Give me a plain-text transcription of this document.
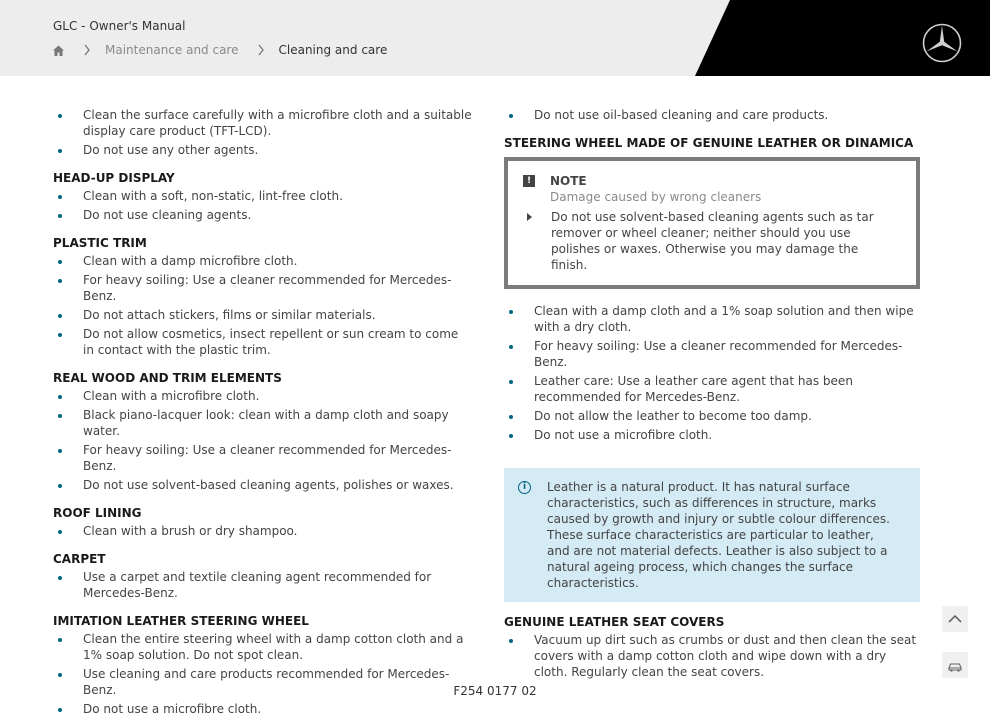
GLC - Owner's Manual
Maintenance and care	Cleaning and care
Clean the surface carefully with a microfibre cloth and a suitable display care product (TFT-LCD).
Do not use any other agents.
HEAD-UP DISPLAY
Clean with a soft, non-static, lint-free cloth.
Do not use cleaning agents.
PLASTIC TRIM
Clean with a damp microfibre cloth.
For heavy soiling: Use a cleaner recommended for Mercedes-Benz.
Do not attach stickers, films or similar materials.
Do not allow cosmetics, insect repellent or sun cream to come in contact with the plastic trim.
REAL WOOD AND TRIM ELEMENTS
Clean with a microfibre cloth.
Black piano-lacquer look: clean with a damp cloth and soapy water.
For heavy soiling: Use a cleaner recommended for Mercedes-Benz.
Do not use solvent-based cleaning agents, polishes or waxes.
ROOF LINING
Clean with a brush or dry shampoo.
CARPET
Use a carpet and textile cleaning agent recommended for Mercedes-Benz.
IMITATION LEATHER STEERING WHEEL
Clean the entire steering wheel with a damp cotton cloth and a 1% soap solution. Do not spot clean.
Use cleaning and care products recommended for Mercedes-Benz.
Do not use a microfibre cloth.
Do not use oil-based cleaning and care products.
STEERING WHEEL MADE OF GENUINE LEATHER OR DINAMICA
!	NOTE
Damage caused by wrong cleaners
Do not use solvent-based cleaning agents such as tar remover or wheel cleaner; neither should you use polishes or waxes. Otherwise you may damage the finish.
Clean with a damp cloth and a 1% soap solution and then wipe with a dry cloth.
For heavy soiling: Use a cleaner recommended for Mercedes-Benz.
Leather care: Use a leather care agent that has been recommended for Mercedes-Benz.
Do not allow the leather to become too damp.
Do not use a microfibre cloth.
i	Leather is a natural product. It has natural surface characteristics, such as differences in structure, marks caused by growth and injury or subtle colour differences. These surface characteristics are particular to leather, and are not material defects. Leather is also subject to a natural ageing process, which changes the surface characteristics.
GENUINE LEATHER SEAT COVERS
Vacuum up dirt such as crumbs or dust and then clean the seat covers with a damp cotton cloth and wipe down with a dry cloth. Regularly clean the seat covers.
F254 0177 02
